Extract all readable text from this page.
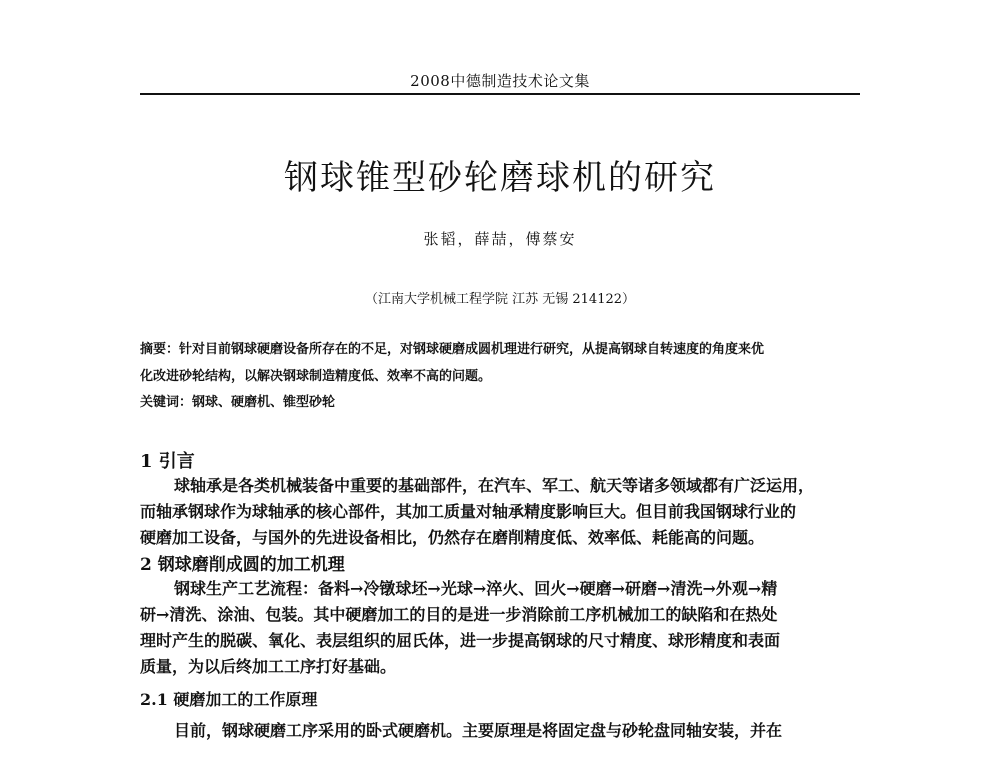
2008中德制造技术论文集
钢球锥型砂轮磨球机的研究
张韬，薛喆，傅蔡安
（江南大学机械工程学院 江苏 无锡 214122）
摘要：针对目前钢球硬磨设备所存在的不足，对钢球硬磨成圆机理进行研究，从提高钢球自转速度的角度来优
化改进砂轮结构，以解决钢球制造精度低、效率不高的问题。
关键词：钢球、硬磨机、锥型砂轮
1 引言
球轴承是各类机械装备中重要的基础部件，在汽车、军工、航天等诸多领域都有广泛运用，
而轴承钢球作为球轴承的核心部件，其加工质量对轴承精度影响巨大。但目前我国钢球行业的
硬磨加工设备，与国外的先进设备相比，仍然存在磨削精度低、效率低、耗能高的问题。
2 钢球磨削成圆的加工机理
钢球生产工艺流程：备料→冷镦球坯→光球→淬火、回火→硬磨→研磨→清洗→外观→精
研→清洗、涂油、包装。其中硬磨加工的目的是进一步消除前工序机械加工的缺陷和在热处
理时产生的脱碳、氧化、表层组织的屈氏体，进一步提高钢球的尺寸精度、球形精度和表面
质量，为以后终加工工序打好基础。
2.1 硬磨加工的工作原理
目前，钢球硬磨工序采用的卧式硬磨机。主要原理是将固定盘与砂轮盘同轴安装，并在
